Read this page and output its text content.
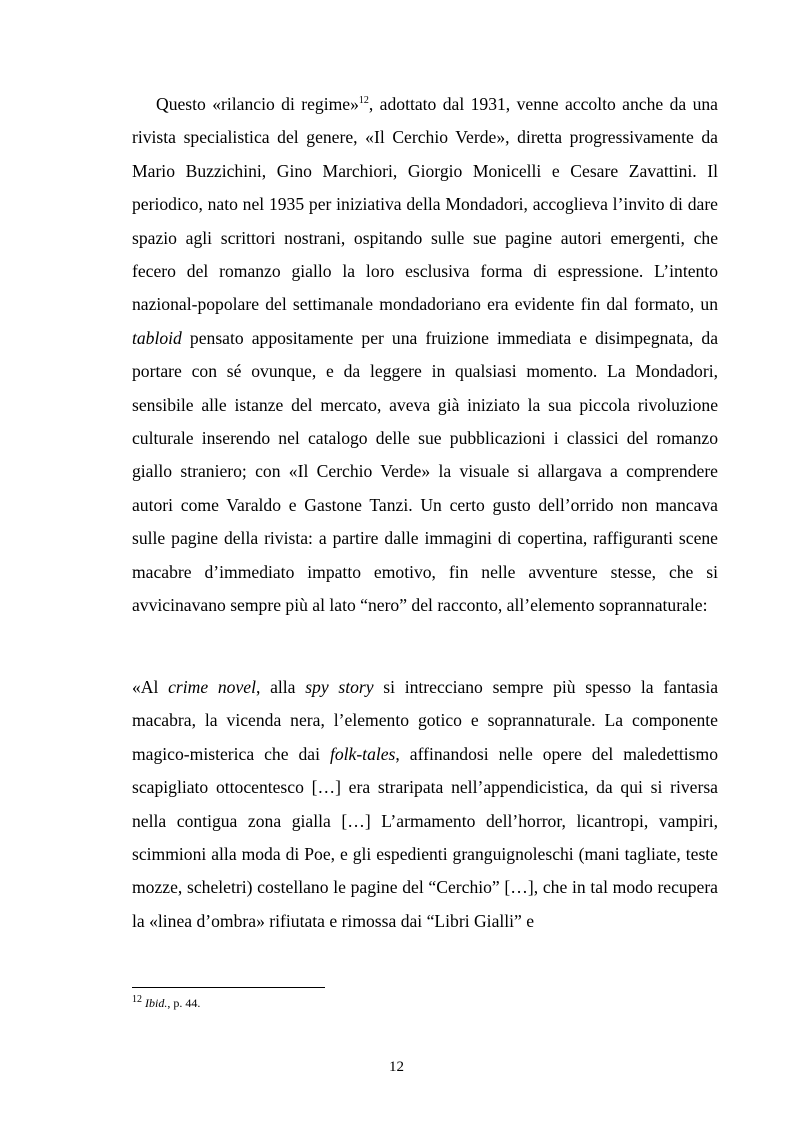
Questo «rilancio di regime»$^{12}$, adottato dal 1931, venne accolto anche da una rivista specialistica del genere, «Il Cerchio Verde», diretta progressivamente da Mario Buzzichini, Gino Marchiori, Giorgio Monicelli e Cesare Zavattini. Il periodico, nato nel 1935 per iniziativa della Mondadori, accoglieva l’invito di dare spazio agli scrittori nostrani, ospitando sulle sue pagine autori emergenti, che fecero del romanzo giallo la loro esclusiva forma di espressione. L’intento nazional-popolare del settimanale mondadoriano era evidente fin dal formato, un tabloid pensato appositamente per una fruizione immediata e disimpegnata, da portare con sé ovunque, e da leggere in qualsiasi momento. La Mondadori, sensibile alle istanze del mercato, aveva già iniziato la sua piccola rivoluzione culturale inserendo nel catalogo delle sue pubblicazioni i classici del romanzo giallo straniero; con «Il Cerchio Verde» la visuale si allargava a comprendere autori come Varaldo e Gastone Tanzi. Un certo gusto dell’orrido non mancava sulle pagine della rivista: a partire dalle immagini di copertina, raffiguranti scene macabre d’immediato impatto emotivo, fin nelle avventure stesse, che si avvicinavano sempre più al lato “nero” del racconto, all’elemento soprannaturale:

«Al crime novel, alla spy story si intrecciano sempre più spesso la fantasia macabra, la vicenda nera, l’elemento gotico e soprannaturale. La componente magico-misterica che dai folk-tales, affinandosi nelle opere del maledettismo scapigliato ottocentesco […] era straripata nell’appendicistica, da qui si riversa nella contigua zona gialla […] L’armamento dell’horror, licantropi, vampiri, scimmioni alla moda di Poe, e gli espedienti granguignoleschi (mani tagliate, teste mozze, scheletri) costellano le pagine del “Cerchio” […], che in tal modo recupera la «linea d’ombra» rifiutata e rimossa dai “Libri Gialli” e

$^{12}$ Ibid., p. 44.
12
